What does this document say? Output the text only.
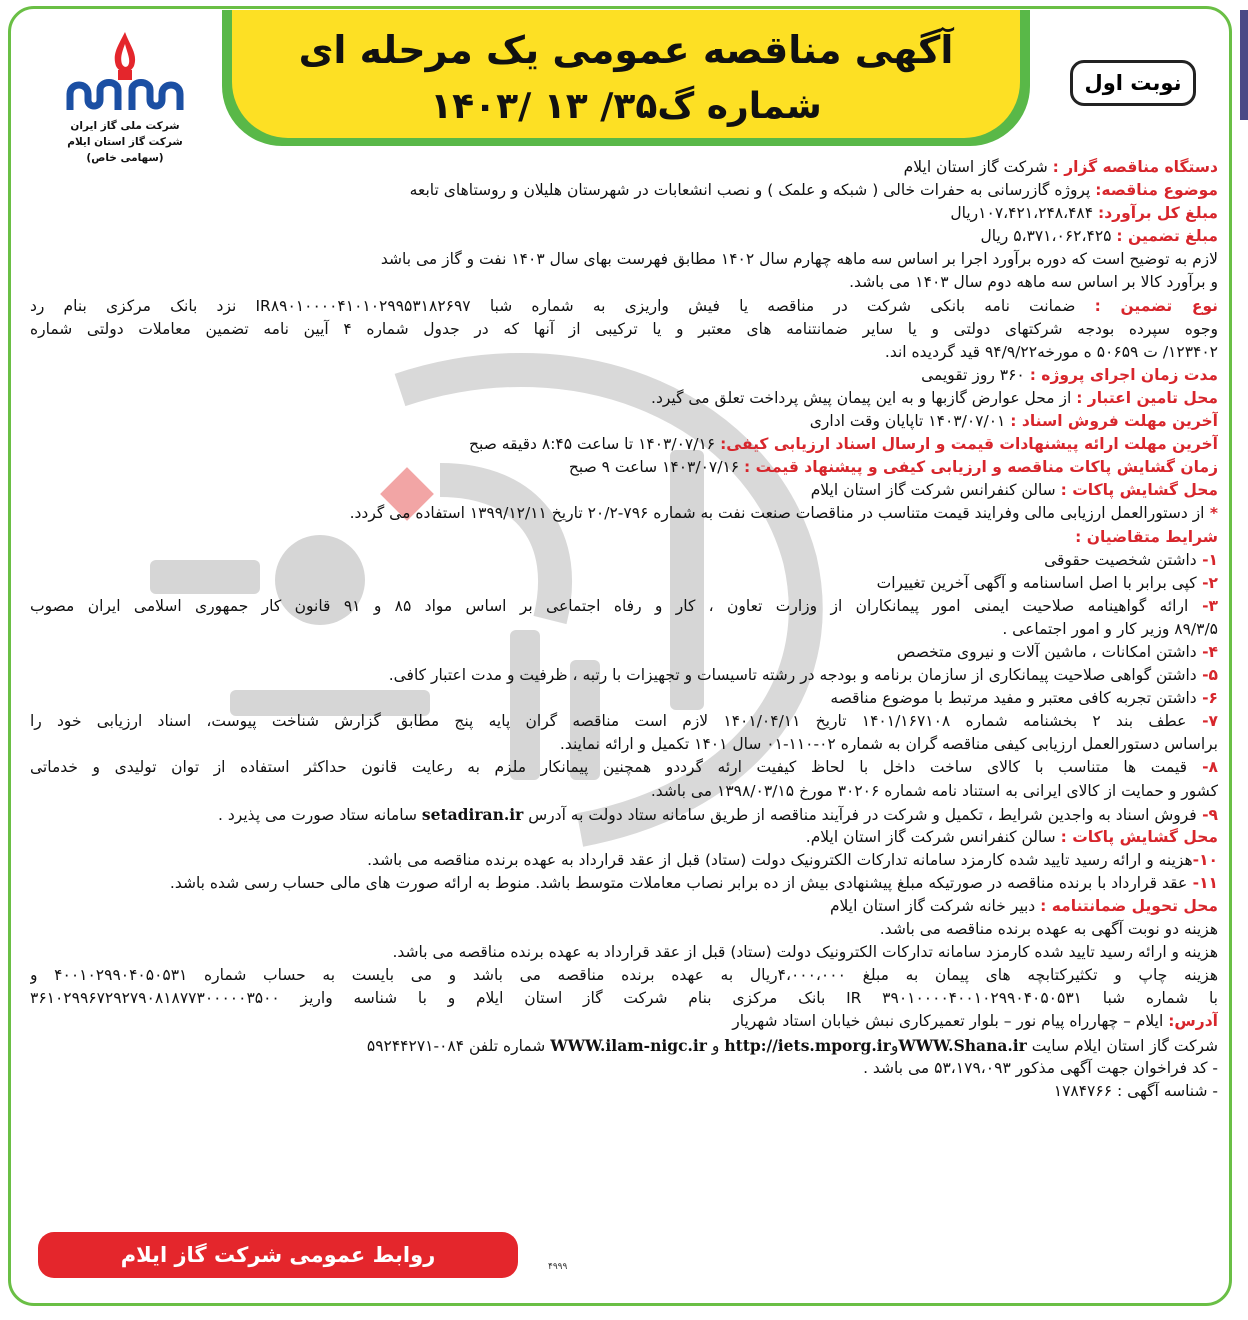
آگهی مناقصه عمومی یک مرحله ای
شماره گ۳۵/ ۱۳ /۱۴۰۳
نوبت اول
شرکت ملی گاز ایران
شرکت گاز استان ایلام
(سهامی خاص)	دستگاه مناقصه گزار : شرکت گاز استان ایلام
موضوع مناقصه: پروژه گازرسانی به حفرات خالی ( شبکه و علمک ) و نصب انشعابات در شهرستان هلیلان و روستاهای تابعه
مبلغ کل برآورد: ۱۰۷،۴۲۱،۲۴۸،۴۸۴ریال
مبلغ تضمین : ۵،۳۷۱،۰۶۲،۴۲۵ ریال
لازم به توضیح است که دوره برآورد اجرا بر اساس سه ماهه چهارم سال ۱۴۰۲ مطابق فهرست بهای سال ۱۴۰۳ نفت و گاز می باشد
و برآورد کالا بر اساس سه ماهه دوم سال ۱۴۰۳ می باشد.
نوع تضمین : ضمانت نامه بانکی شرکت در مناقصه یا فیش واریزی به شماره شبا IR۸۹۰۱۰۰۰۰۴۱۰۱۰۲۹۹۵۳۱۸۲۶۹۷ نزد بانک مرکزی بنام رد
وجوه سپرده بودجه شرکتهای دولتی و یا سایر ضمانتنامه های معتبر و یا ترکیبی از آنها که در جدول شماره ۴ آیین نامه تضمین معاملات دولتی شماره
۱۲۳۴۰۲/ ت ۵۰۶۵۹ ه مورخه۹۴/۹/۲۲ قید گردیده اند.
مدت زمان اجرای پروژه : ۳۶۰ روز تقویمی
محل تامین اعتبار : از محل عوارض گازبها و به این پیمان پیش پرداخت تعلق می گیرد.
آخرین مهلت فروش اسناد : ۱۴۰۳/۰۷/۰۱ تاپایان وقت اداری
آخرین مهلت ارائه پیشنهادات قیمت و ارسال اسناد ارزیابی کیفی: ۱۴۰۳/۰۷/۱۶ تا ساعت ۸:۴۵ دقیقه صبح
زمان گشایش پاکات مناقصه و ارزیابی کیفی و پیشنهاد قیمت : ۱۴۰۳/۰۷/۱۶ ساعت ۹ صبح
محل گشایش پاکات : سالن کنفرانس شرکت گاز استان ایلام
* از دستورالعمل ارزیابی مالی وفرایند قیمت متناسب در مناقصات صنعت نفت به شماره ۷۹۶-۲۰/۲ تاریخ ۱۳۹۹/۱۲/۱۱ استفاده می گردد.
شرایط متقاضیان :
۱- داشتن شخصیت حقوقی
۲- کپی برابر با اصل اساسنامه و آگهی آخرین تغییرات
۳- ارائه گواهینامه صلاحیت ایمنی امور پیمانکاران از وزارت تعاون ، کار و رفاه اجتماعی بر اساس مواد ۸۵ و ۹۱ قانون کار جمهوری اسلامی ایران مصوب
۸۹/۳/۵ وزیر کار و امور اجتماعی .
۴- داشتن امکانات ، ماشین آلات و نیروی متخصص
۵- داشتن گواهی صلاحیت پیمانکاری از سازمان برنامه و بودجه در رشته تاسیسات و تجهیزات با رتبه ، ظرفیت و مدت اعتبار کافی.
۶- داشتن تجربه کافی معتبر و مفید مرتبط با موضوع مناقصه
۷- عطف بند ۲ بخشنامه شماره ۱۴۰۱/۱۶۷۱۰۸ تاریخ ۱۴۰۱/۰۴/۱۱ لازم است مناقصه گران پایه پنج مطابق گزارش شناخت پیوست، اسناد ارزیابی خود را
براساس دستورالعمل ارزیابی کیفی مناقصه گران به شماره ۰۲-۱۱۰-۰۱ سال ۱۴۰۱ تکمیل و ارائه نمایند.
۸- قیمت ها متناسب با کالای ساخت داخل با لحاظ کیفیت ارئه گرددو همچنین پیمانکار ملزم به رعایت قانون حداکثر استفاده از توان تولیدی و خدماتی
کشور و حمایت از کالای ایرانی به استناد نامه شماره ۳۰۲۰۶ مورخ ۱۳۹۸/۰۳/۱۵ می باشد.
۹- فروش اسناد به واجدین شرایط ، تکمیل و شرکت در فرآیند مناقصه از طریق سامانه ستاد دولت به آدرس setadiran.ir سامانه ستاد صورت می پذیرد .
محل گشایش پاکات : سالن کنفرانس شرکت گاز استان ایلام.
۱۰-هزینه و ارائه رسید تایید شده کارمزد سامانه تدارکات الکترونیک دولت (ستاد) قبل از عقد قرارداد به عهده برنده مناقصه می باشد.
۱۱- عقد قرارداد با برنده مناقصه در صورتیکه مبلغ پیشنهادی بیش از ده برابر نصاب معاملات متوسط باشد. منوط به ارائه صورت های مالی حساب رسی شده باشد.
محل تحویل ضمانتنامه : دبیر خانه شرکت گاز استان ایلام
هزینه دو نوبت آگهی به عهده برنده مناقصه می باشد.
هزینه و ارائه رسید تایید شده کارمزد سامانه تدارکات الکترونیک دولت (ستاد) قبل از عقد قرارداد به عهده برنده مناقصه می باشد.
هزینه چاپ و تکثیرکتابچه های پیمان به مبلغ ۴،۰۰۰،۰۰۰ریال به عهده برنده مناقصه می باشد و می بایست به حساب شماره ۴۰۰۱۰۲۹۹۰۴۰۵۰۵۳۱ و
با شماره شبا IR ۳۹۰۱۰۰۰۰۴۰۰۱۰۲۹۹۰۴۰۵۰۵۳۱ بانک مرکزی بنام شرکت گاز استان ایلام و با شناسه واریز ۳۶۱۰۲۹۹۶۷۲۹۲۷۹۰۸۱۸۷۷۳۰۰۰۰۰۳۵۰۰
آدرس: ایلام – چهارراه پیام نور – بلوار تعمیرکاری نبش خیابان استاد شهریار
شرکت گاز استان ایلام سایت WWW.Shana.irوhttp://iets.mporg.ir و WWW.ilam-nigc.ir شماره تلفن ۰۸۴-۵۹۲۴۴۲۷۱
- کد فراخوان جهت آگهی مذکور ۵۳،۱۷۹،۰۹۳ می باشد .
- شناسه آگهی : ۱۷۸۴۷۶۶
روابط عمومی شرکت گاز ایلام	۴۹۹۹
